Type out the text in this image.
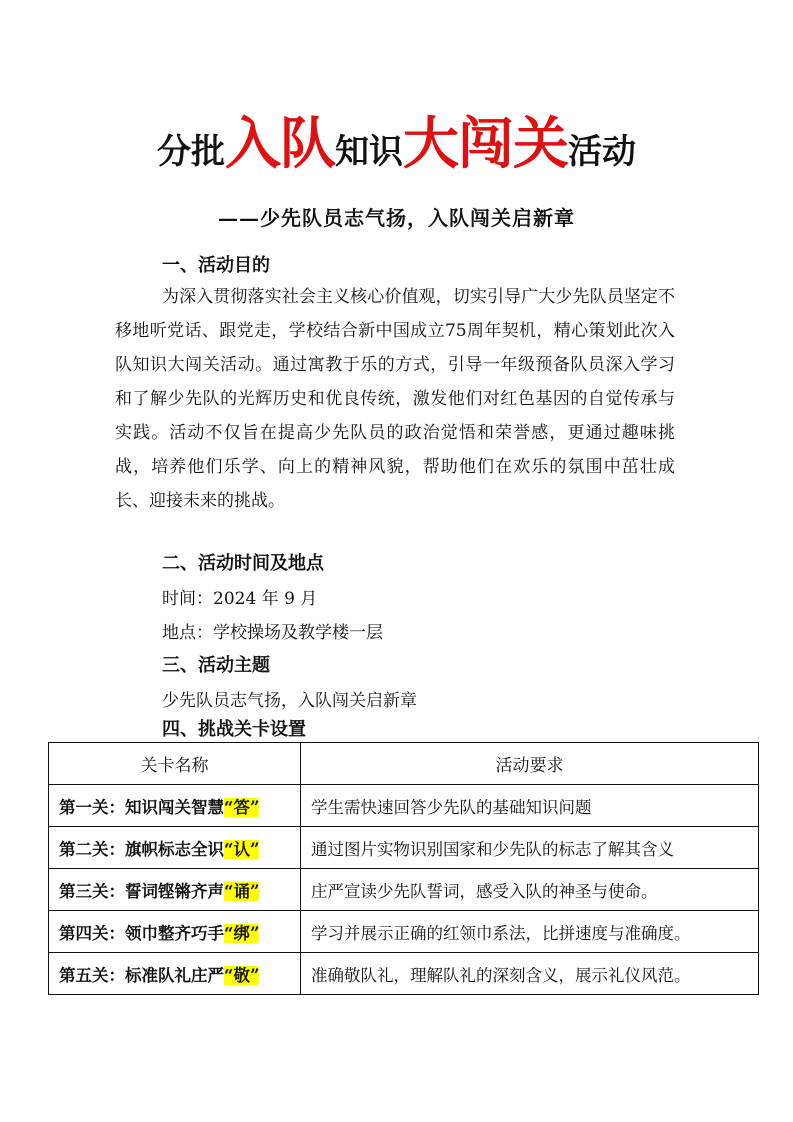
分批入队知识大闯关活动
——少先队员志气扬，入队闯关启新章
一、活动目的
为深入贯彻落实社会主义核心价值观，切实引导广大少先队员坚定不移地听党话、跟党走，学校结合新中国成立75周年契机，精心策划此次入队知识大闯关活动。通过寓教于乐的方式，引导一年级预备队员深入学习和了解少先队的光辉历史和优良传统，激发他们对红色基因的自觉传承与实践。活动不仅旨在提高少先队员的政治觉悟和荣誉感，更通过趣味挑战，培养他们乐学、向上的精神风貌，帮助他们在欢乐的氛围中茁壮成长、迎接未来的挑战。
二、活动时间及地点
时间：2024 年 9 月
地点：学校操场及教学楼一层
三、活动主题
少先队员志气扬，入队闯关启新章
四、挑战关卡设置
关卡名称	活动要求
第一关：知识闯关智慧“答”	学生需快速回答少先队的基础知识问题
第二关：旗帜标志全识“认”	通过图片实物识别国家和少先队的标志了解其含义
第三关：誓词铿锵齐声“诵”	庄严宣读少先队誓词，感受入队的神圣与使命。
第四关：领巾整齐巧手“绑”	学习并展示正确的红领巾系法，比拼速度与准确度。
第五关：标准队礼庄严“敬”	准确敬队礼，理解队礼的深刻含义，展示礼仪风范。
